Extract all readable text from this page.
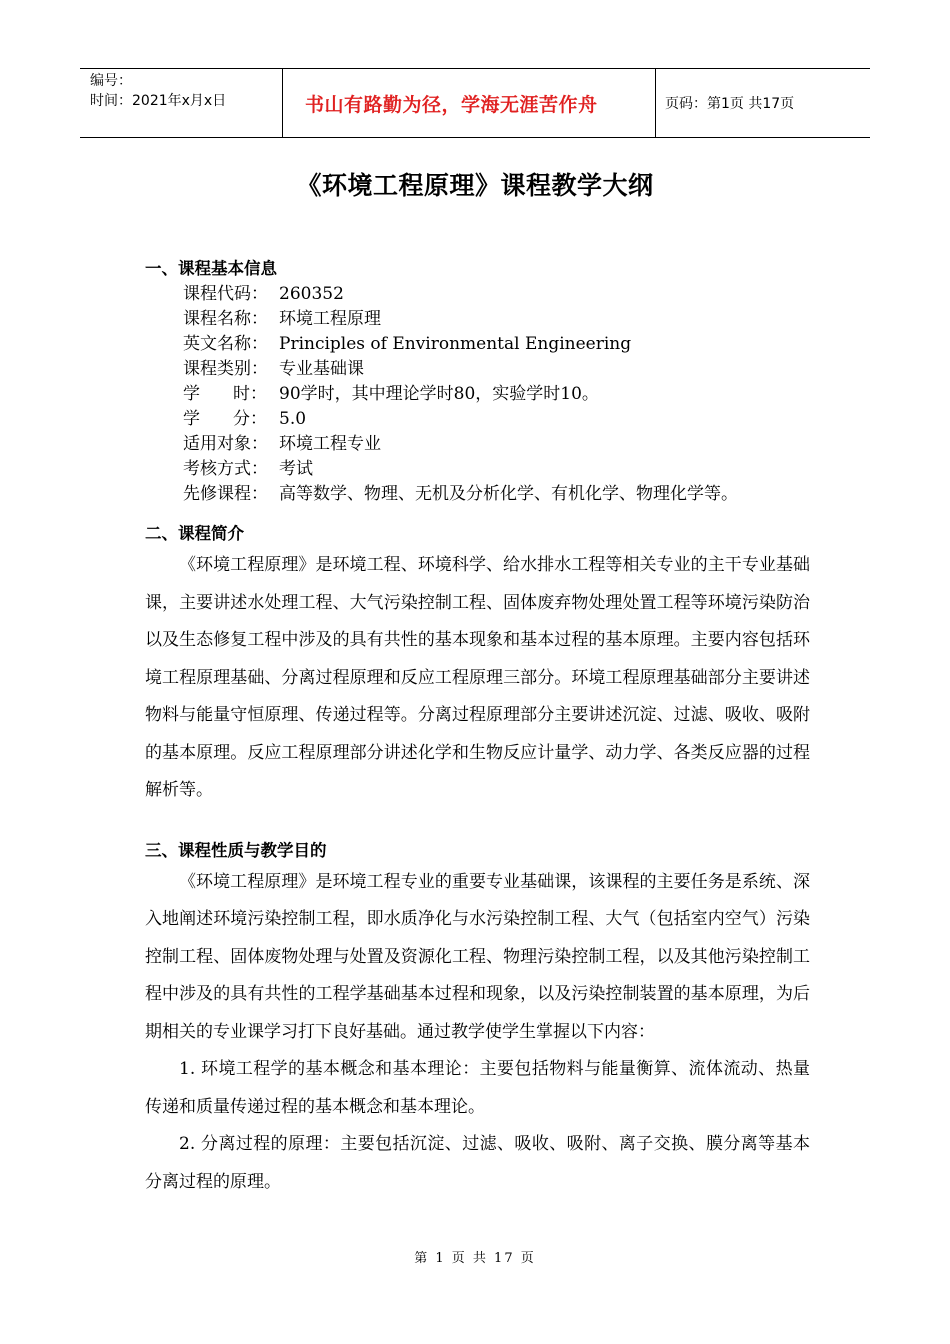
编号：
时间：2021年x月x日	书山有路勤为径，学海无涯苦作舟	页码：第1页 共17页
《环境工程原理》课程教学大纲
一、课程基本信息
课程代码： 260352
课程名称： 环境工程原理
英文名称： Principles of Environmental Engineering
课程类别： 专业基础课
学 时： 90学时，其中理论学时80，实验学时10。
学 分： 5.0
适用对象： 环境工程专业
考核方式： 考试
先修课程： 高等数学、物理、无机及分析化学、有机化学、物理化学等。
二、课程简介

《环境工程原理》是环境工程、环境科学、给水排水工程等相关专业的主干专业基础课，主要讲述水处理工程、大气污染控制工程、固体废弃物处理处置工程等环境污染防治以及生态修复工程中涉及的具有共性的基本现象和基本过程的基本原理。主要内容包括环境工程原理基础、分离过程原理和反应工程原理三部分。环境工程原理基础部分主要讲述物料与能量守恒原理、传递过程等。分离过程原理部分主要讲述沉淀、过滤、吸收、吸附的基本原理。反应工程原理部分讲述化学和生物反应计量学、动力学、各类反应器的过程解析等。

三、课程性质与教学目的

《环境工程原理》是环境工程专业的重要专业基础课，该课程的主要任务是系统、深入地阐述环境污染控制工程，即水质净化与水污染控制工程、大气（包括室内空气）污染控制工程、固体废物处理与处置及资源化工程、物理污染控制工程，以及其他污染控制工程中涉及的具有共性的工程学基础基本过程和现象，以及污染控制装置的基本原理，为后期相关的专业课学习打下良好基础。通过教学使学生掌握以下内容：

1. 环境工程学的基本概念和基本理论：主要包括物料与能量衡算、流体流动、热量传递和质量传递过程的基本概念和基本理论。

2. 分离过程的原理：主要包括沉淀、过滤、吸收、吸附、离子交换、膜分离等基本分离过程的原理。

第 1 页 共 17 页
